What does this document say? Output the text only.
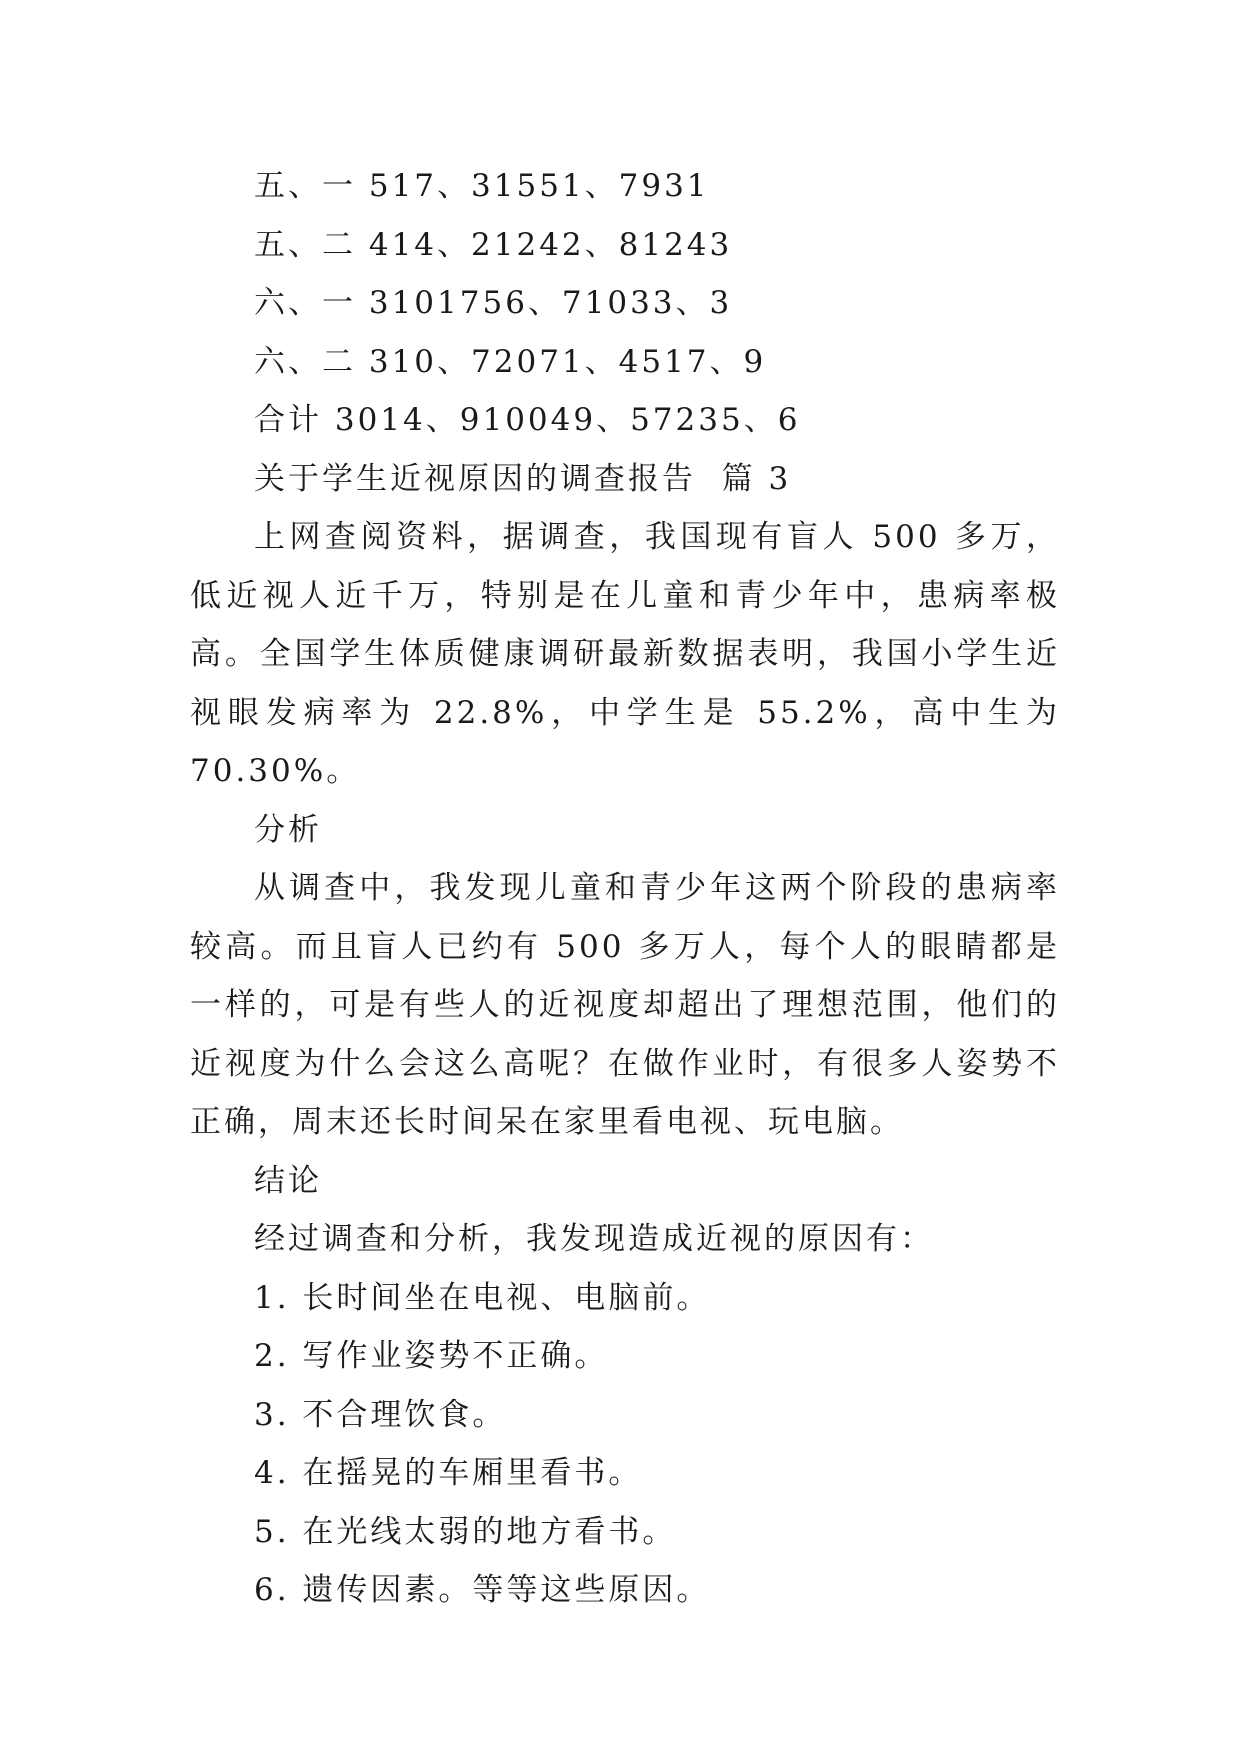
五、一 517、31551、7931
五、二 414、21242、81243
六、一 3101756、71033、3
六、二 310、72071、4517、9
合计 3014、910049、57235、6
关于学生近视原因的调查报告  篇 3
上网查阅资料，据调查，我国现有盲人 500 多万，低近视人近千万，特别是在儿童和青少年中，患病率极高。全国学生体质健康调研最新数据表明，我国小学生近视眼发病率为 22.8%，中学生是 55.2%，高中生为 70.30%。
分析
从调查中，我发现儿童和青少年这两个阶段的患病率较高。而且盲人已约有 500 多万人，每个人的眼睛都是一样的，可是有些人的近视度却超出了理想范围，他们的近视度为什么会这么高呢？在做作业时，有很多人姿势不正确，周末还长时间呆在家里看电视、玩电脑。
结论
经过调查和分析，我发现造成近视的原因有：
1. 长时间坐在电视、电脑前。
2. 写作业姿势不正确。
3. 不合理饮食。
4. 在摇晃的车厢里看书。
5. 在光线太弱的地方看书。
6. 遗传因素。等等这些原因。
